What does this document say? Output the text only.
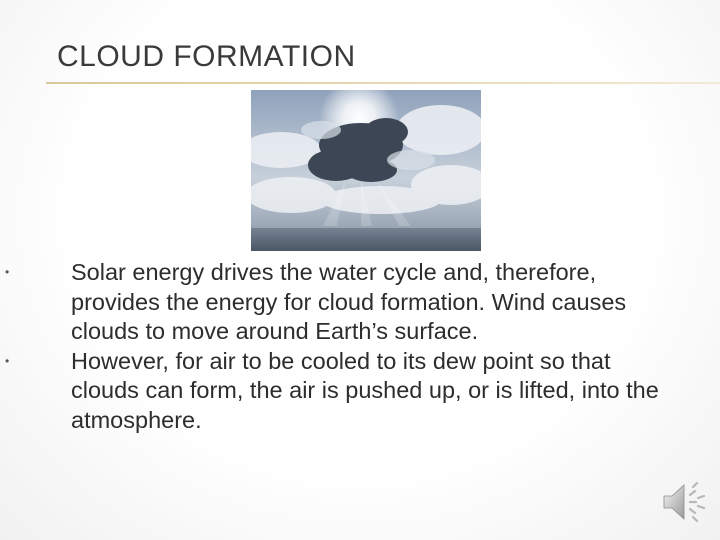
CLOUD FORMATION
•	Solar energy drives the water cycle and, therefore, provides the energy for cloud formation. Wind causes clouds to move around Earth’s surface.
•	However, for air to be cooled to its dew point so that clouds can form, the air is pushed up, or is lifted, into the atmosphere.
